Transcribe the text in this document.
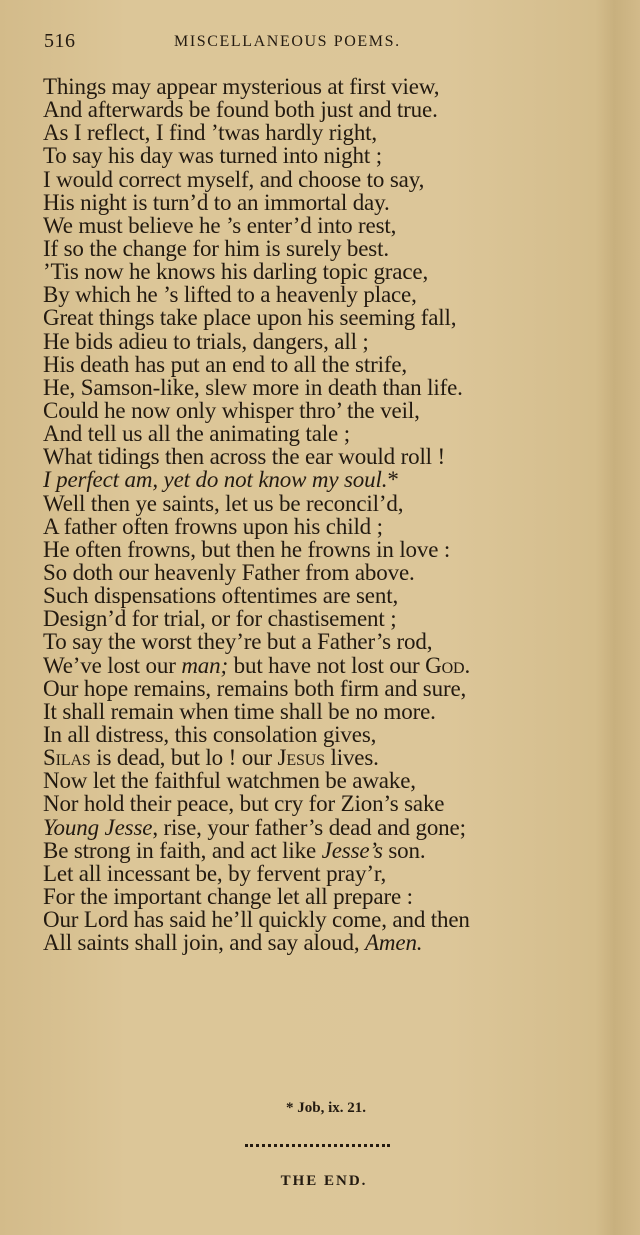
516	MISCELLANEOUS POEMS.
Things may appear mysterious at first view,
And afterwards be found both just and true.
As I reflect, I find ’twas hardly right,
To say his day was turned into night ;
I would correct myself, and choose to say,
His night is turn’d to an immortal day.
We must believe he ’s enter’d into rest,
If so the change for him is surely best.
’Tis now he knows his darling topic grace,
By which he ’s lifted to a heavenly place,
Great things take place upon his seeming fall,
He bids adieu to trials, dangers, all ;
His death has put an end to all the strife,
He, Samson-like, slew more in death than life.
Could he now only whisper thro’ the veil,
And tell us all the animating tale ;
What tidings then across the ear would roll !
I perfect am, yet do not know my soul.*
Well then ye saints, let us be reconcil’d,
A father often frowns upon his child ;
He often frowns, but then he frowns in love :
So doth our heavenly Father from above.
Such dispensations oftentimes are sent,
Design’d for trial, or for chastisement ;
To say the worst they’re but a Father’s rod,
We’ve lost our man; but have not lost our God.
Our hope remains, remains both firm and sure,
It shall remain when time shall be no more.
In all distress, this consolation gives,
Silas is dead, but lo ! our Jesus lives.
Now let the faithful watchmen be awake,
Nor hold their peace, but cry for Zion’s sake
Young Jesse, rise, your father’s dead and gone;
Be strong in faith, and act like Jesse’s son.
Let all incessant be, by fervent pray’r,
For the important change let all prepare :
Our Lord has said he’ll quickly come, and then
All saints shall join, and say aloud, Amen.
* Job, ix. 21.
THE END.
